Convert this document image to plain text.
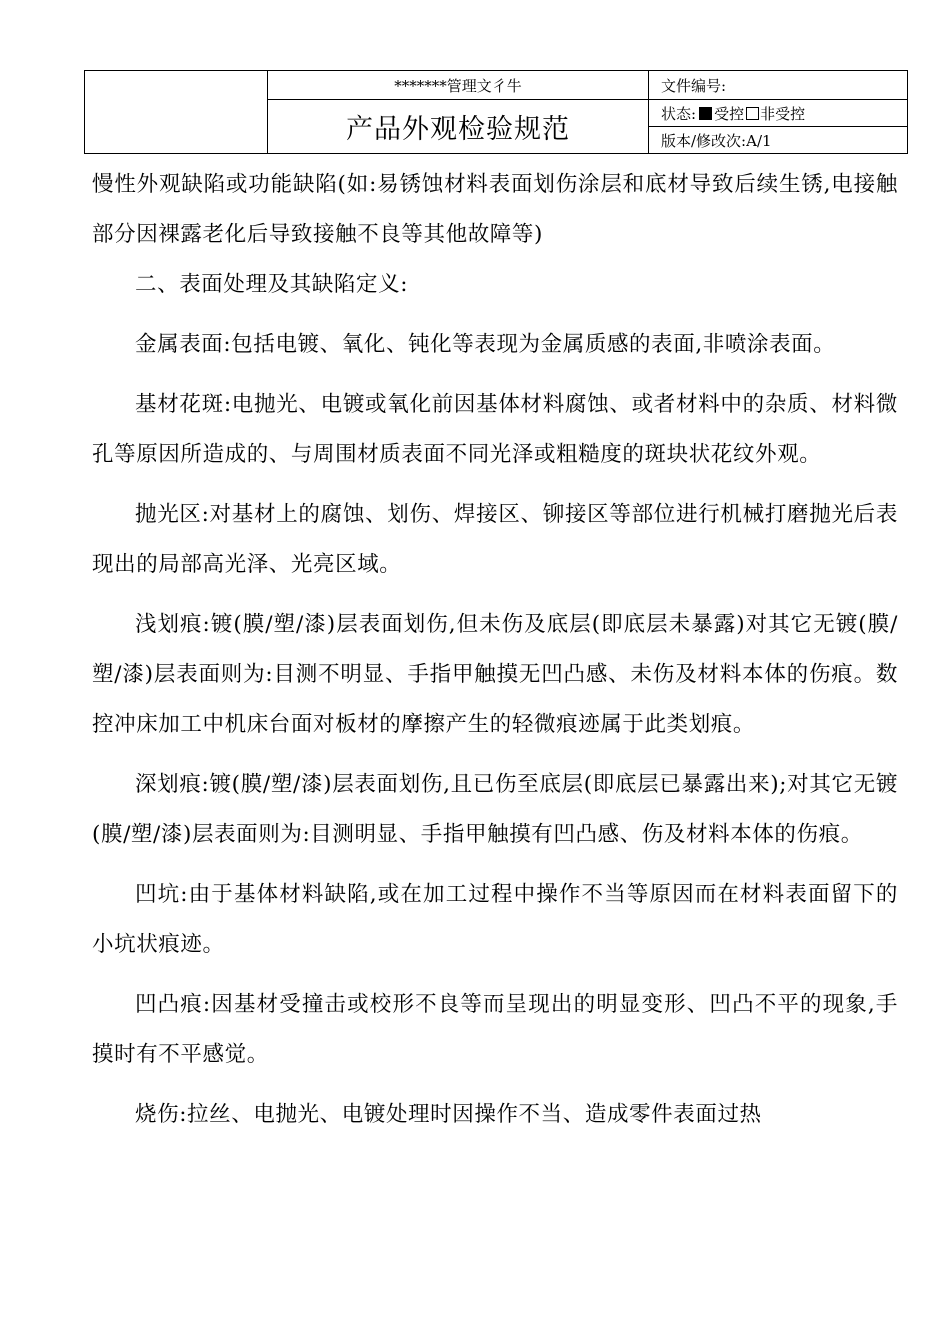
	*******管理文彳牛	文件编号:
	产品外观检验规范	状态: 受控 非受控
		版本/修改次:A/1

慢性外观缺陷或功能缺陷(如:易锈蚀材料表面划伤涂层和底材导致后续生锈,电接触部分因裸露老化后导致接触不良等其他故障等)

二、表面处理及其缺陷定义:

金属表面:包括电镀、氧化、钝化等表现为金属质感的表面,非喷涂表面。

基材花斑:电抛光、电镀或氧化前因基体材料腐蚀、或者材料中的杂质、材料微孔等原因所造成的、与周围材质表面不同光泽或粗糙度的斑块状花纹外观。

抛光区:对基材上的腐蚀、划伤、焊接区、铆接区等部位进行机械打磨抛光后表现出的局部高光泽、光亮区域。

浅划痕:镀(膜/塑/漆)层表面划伤,但未伤及底层(即底层未暴露)对其它无镀(膜/塑/漆)层表面则为:目测不明显、手指甲触摸无凹凸感、未伤及材料本体的伤痕。数控冲床加工中机床台面对板材的摩擦产生的轻微痕迹属于此类划痕。

深划痕:镀(膜/塑/漆)层表面划伤,且已伤至底层(即底层已暴露出来);对其它无镀(膜/塑/漆)层表面则为:目测明显、手指甲触摸有凹凸感、伤及材料本体的伤痕。

凹坑:由于基体材料缺陷,或在加工过程中操作不当等原因而在材料表面留下的小坑状痕迹。

凹凸痕:因基材受撞击或校形不良等而呈现出的明显变形、凹凸不平的现象,手摸时有不平感觉。

烧伤:拉丝、电抛光、电镀处理时因操作不当、造成零件表面过热
